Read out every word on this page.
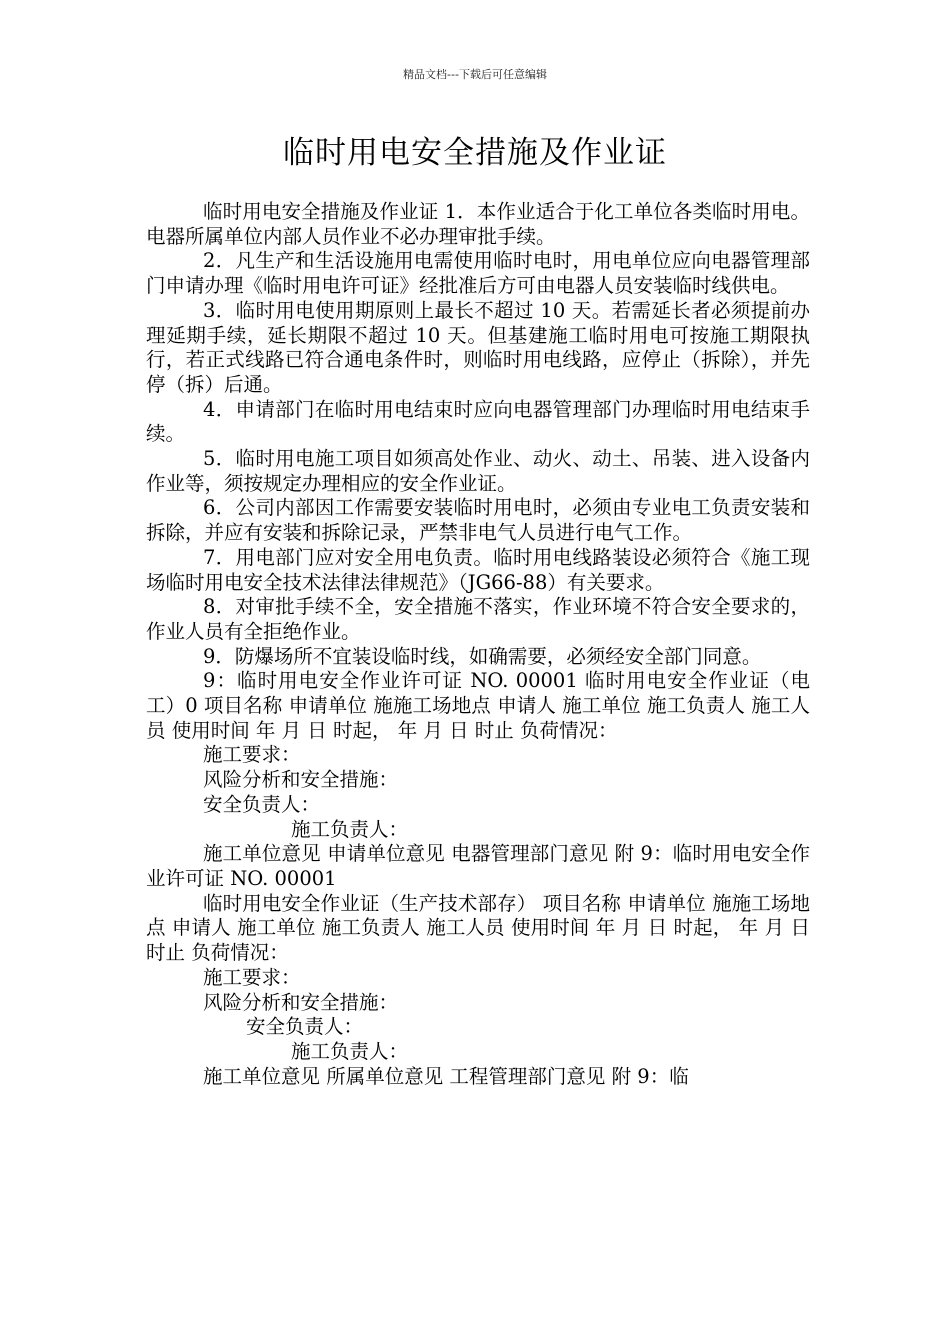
精品文档---下载后可任意编辑
临时用电安全措施及作业证

临时用电安全措施及作业证 1．本作业适合于化工单位各类临时用电。电器所属单位内部人员作业不必办理审批手续。

2．凡生产和生活设施用电需使用临时电时，用电单位应向电器管理部门申请办理《临时用电许可证》经批准后方可由电器人员安装临时线供电。

3．临时用电使用期原则上最长不超过 10 天。若需延长者必须提前办理延期手续，延长期限不超过 10 天。但基建施工临时用电可按施工期限执行，若正式线路已符合通电条件时，则临时用电线路，应停止（拆除），并先停（拆）后通。

4．申请部门在临时用电结束时应向电器管理部门办理临时用电结束手续。

5．临时用电施工项目如须高处作业、动火、动土、吊装、进入设备内作业等，须按规定办理相应的安全作业证。

6．公司内部因工作需要安装临时用电时，必须由专业电工负责安装和拆除，并应有安装和拆除记录，严禁非电气人员进行电气工作。

7．用电部门应对安全用电负责。临时用电线路装设必须符合《施工现场临时用电安全技术法律法律规范》（JG66-88）有关要求。

8．对审批手续不全，安全措施不落实，作业环境不符合安全要求的，作业人员有全拒绝作业。

9．防爆场所不宜装设临时线，如确需要，必须经安全部门同意。

9：临时用电安全作业许可证 NO. 00001 临时用电安全作业证（电工）0 项目名称 申请单位 施施工场地点 申请人 施工单位 施工负责人 施工人员 使用时间 年 月 日 时起， 年 月 日 时止 负荷情况：

施工要求：

风险分析和安全措施：

安全负责人：

施工负责人：

施工单位意见 申请单位意见 电器管理部门意见 附 9：临时用电安全作业许可证 NO. 00001

临时用电安全作业证（生产技术部存） 项目名称 申请单位 施施工场地点 申请人 施工单位 施工负责人 施工人员 使用时间 年 月 日 时起， 年 月 日 时止 负荷情况：

施工要求：

风险分析和安全措施：

安全负责人：

施工负责人：

施工单位意见 所属单位意见 工程管理部门意见 附 9：临
